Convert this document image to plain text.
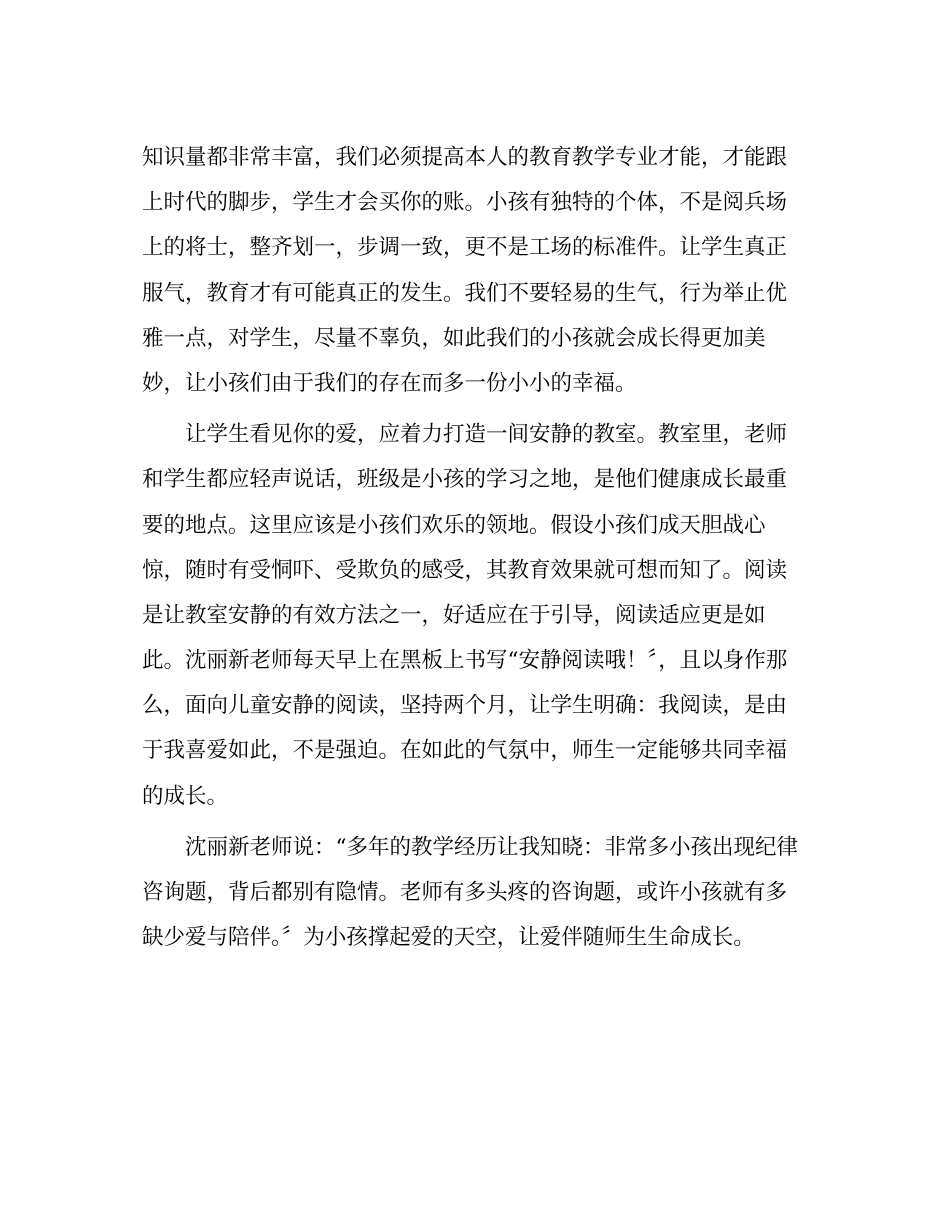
知识量都非常丰富，我们必须提高本人的教育教学专业才能，才能跟
上时代的脚步，学生才会买你的账。小孩有独特的个体，不是阅兵场
上的将士，整齐划一，步调一致，更不是工场的标准件。让学生真正
服气，教育才有可能真正的发生。我们不要轻易的生气，行为举止优
雅一点，对学生，尽量不辜负，如此我们的小孩就会成长得更加美
妙，让小孩们由于我们的存在而多一份小小的幸福。

　　让学生看见你的爱，应着力打造一间安静的教室。教室里，老师
和学生都应轻声说话，班级是小孩的学习之地，是他们健康成长最重
要的地点。这里应该是小孩们欢乐的领地。假设小孩们成天胆战心
惊，随时有受恫吓、受欺负的感受，其教育效果就可想而知了。阅读
是让教室安静的有效方法之一，好适应在于引导，阅读适应更是如
此。沈丽新老师每天早上在黑板上书写“安静阅读哦！〞，且以身作那
么，面向儿童安静的阅读，坚持两个月，让学生明确：我阅读，是由
于我喜爱如此，不是强迫。在如此的气氛中，师生一定能够共同幸福
的成长。

　　沈丽新老师说：“多年的教学经历让我知晓：非常多小孩出现纪律
咨询题，背后都别有隐情。老师有多头疼的咨询题，或许小孩就有多
缺少爱与陪伴。〞为小孩撑起爱的天空，让爱伴随师生生命成长。
